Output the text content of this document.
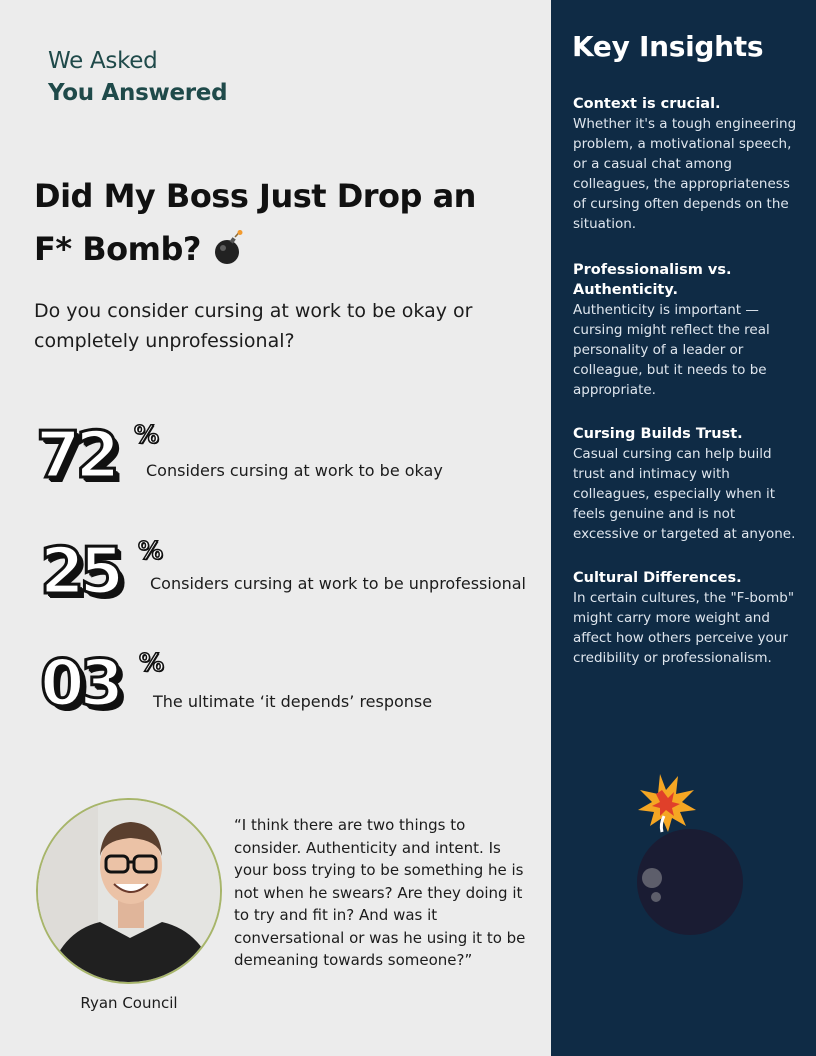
We Asked
You Answered
Did My Boss Just Drop an F* Bomb?
Do you consider cursing at work to be okay or completely unprofessional?
72 %
Considers cursing at work to be okay
25 %
Considers cursing at work to be unprofessional
03 %
The ultimate ‘it depends’ response
Ryan Council
“I think there are two things to consider. Authenticity and intent. Is your boss trying to be something he is not when he swears? Are they doing it to try and fit in? And was it conversational or was he using it to be demeaning towards someone?”
Key Insights
Context is crucial.
Whether it's a tough engineering problem, a motivational speech, or a casual chat among colleagues, the appropriateness of cursing often depends on the situation.
Professionalism vs. Authenticity.
Authenticity is important — cursing might reflect the real personality of a leader or colleague, but it needs to be appropriate.
Cursing Builds Trust.
Casual cursing can help build trust and intimacy with colleagues, especially when it feels genuine and is not excessive or targeted at anyone.
Cultural Differences.
In certain cultures, the "F-bomb" might carry more weight and affect how others perceive your credibility or professionalism.
